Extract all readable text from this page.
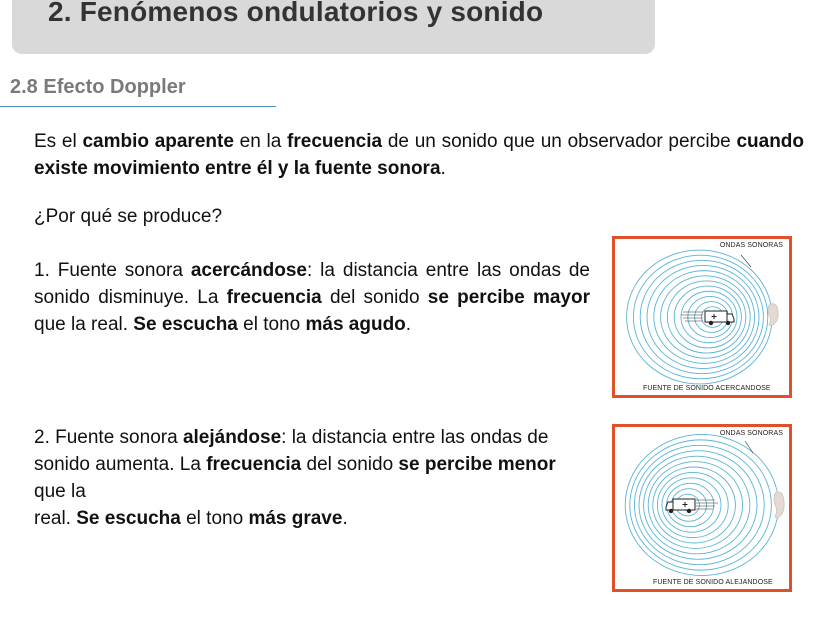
2. Fenómenos ondulatorios y sonido
2.8 Efecto Doppler
Es el cambio aparente en la frecuencia de un sonido que un observador percibe cuando existe movimiento entre él y la fuente sonora.
¿Por qué se produce?
1. Fuente sonora acercándose: la distancia entre las ondas de sonido disminuye. La frecuencia del sonido se percibe mayor que la real. Se escucha el tono más agudo.
2. Fuente sonora alejándose: la distancia entre las ondas de sonido aumenta. La frecuencia del sonido se percibe menor
que la
real. Se escucha el tono más grave.
ONDAS SONORAS
FUENTE DE SONIDO ACERCANDOSE
ONDAS SONORAS
FUENTE DE SONIDO ALEJANDOSE
